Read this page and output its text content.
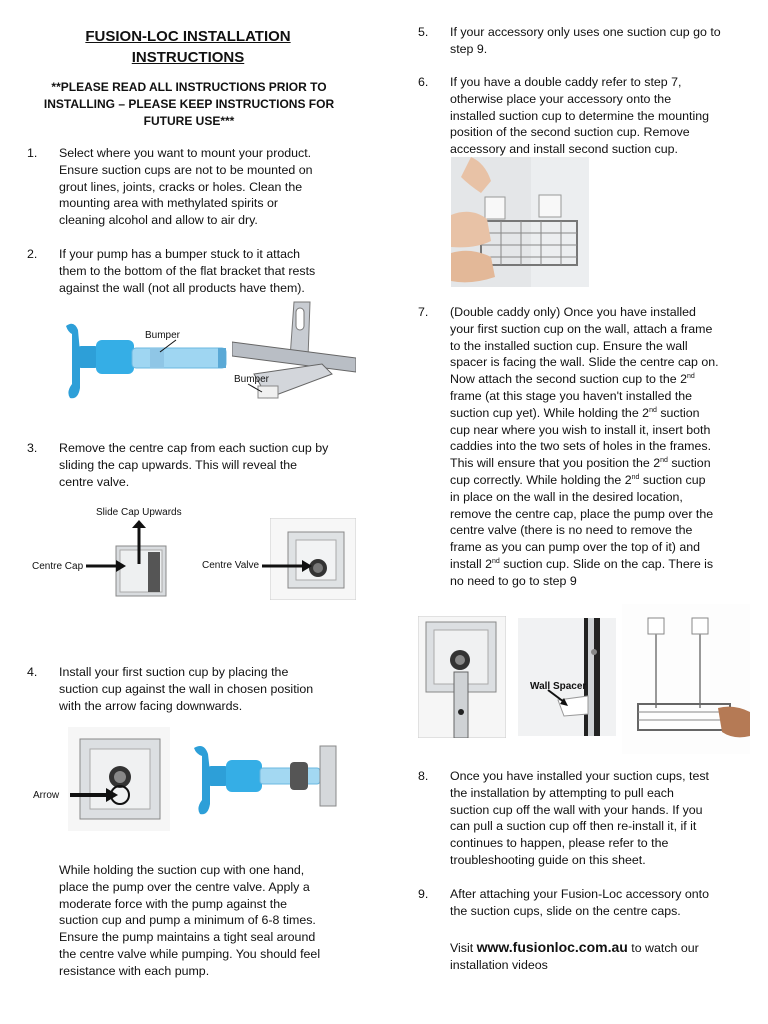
FUSION-LOC INSTALLATION
INSTRUCTIONS
**PLEASE READ ALL INSTRUCTIONS PRIOR TO
INSTALLING – PLEASE KEEP INSTRUCTIONS FOR
FUTURE USE***
1. Select where you want to mount your product.
Ensure suction cups are not to be mounted on
grout lines, joints, cracks or holes. Clean the
mounting area with methylated spirits or
cleaning alcohol and allow to air dry.
2. If your pump has a bumper stuck to it attach
them to the bottom of the flat bracket that rests
against the wall (not all products have them).
Bumper
Bumper
3. Remove the centre cap from each suction cup by
sliding the cap upwards. This will reveal the
centre valve.
Slide Cap Upwards
Centre Cap	Centre Valve
4. Install your first suction cup by placing the
suction cup against the wall in chosen position
with the arrow facing downwards.
Arrow
While holding the suction cup with one hand,
place the pump over the centre valve. Apply a
moderate force with the pump against the
suction cup and pump a minimum of 6-8 times.
Ensure the pump maintains a tight seal around
the centre valve while pumping. You should feel
resistance with each pump.
5. If your accessory only uses one suction cup go to
step 9.
6. If you have a double caddy refer to step 7,
otherwise place your accessory onto the
installed suction cup to determine the mounting
position of the second suction cup. Remove
accessory and install second suction cup.
7. (Double caddy only) Once you have installed
your first suction cup on the wall, attach a frame
to the installed suction cup. Ensure the wall
spacer is facing the wall. Slide the centre cap on.
Now attach the second suction cup to the 2nd
frame (at this stage you haven't installed the
suction cup yet). While holding the 2nd suction
cup near where you wish to install it, insert both
caddies into the two sets of holes in the frames.
This will ensure that you position the 2nd suction
cup correctly. While holding the 2nd suction cup
in place on the wall in the desired location,
remove the centre cap, place the pump over the
centre valve (there is no need to remove the
frame as you can pump over the top of it) and
install 2nd suction cup. Slide on the cap. There is
no need to go to step 9
Wall Spacer
8. Once you have installed your suction cups, test
the installation by attempting to pull each
suction cup off the wall with your hands. If you
can pull a suction cup off then re-install it, if it
continues to happen, please refer to the
troubleshooting guide on this sheet.
9. After attaching your Fusion-Loc accessory onto
the suction cups, slide on the centre caps.
Visit www.fusionloc.com.au to watch our
installation videos
